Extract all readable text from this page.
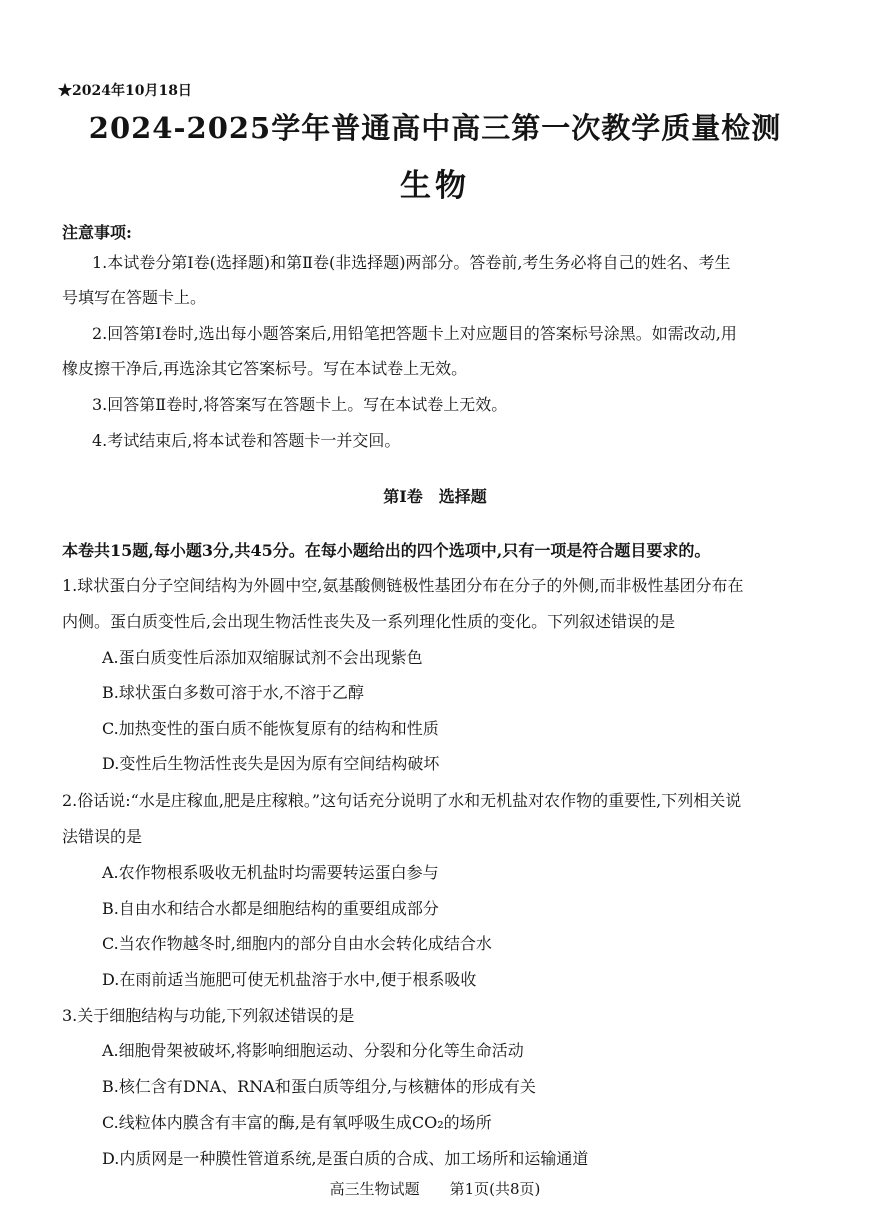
★2024年10月18日
2024-2025学年普通高中高三第一次教学质量检测
生物
注意事项:
1.本试卷分第Ⅰ卷(选择题)和第Ⅱ卷(非选择题)两部分。答卷前,考生务必将自己的姓名、考生
号填写在答题卡上。
2.回答第Ⅰ卷时,选出每小题答案后,用铅笔把答题卡上对应题目的答案标号涂黑。如需改动,用
橡皮擦干净后,再选涂其它答案标号。写在本试卷上无效。
3.回答第Ⅱ卷时,将答案写在答题卡上。写在本试卷上无效。
4.考试结束后,将本试卷和答题卡一并交回。
第Ⅰ卷　选择题
本卷共15题,每小题3分,共45分。在每小题给出的四个选项中,只有一项是符合题目要求的。
1.球状蛋白分子空间结构为外圆中空,氨基酸侧链极性基团分布在分子的外侧,而非极性基团分布在
内侧。蛋白质变性后,会出现生物活性丧失及一系列理化性质的变化。下列叙述错误的是
A.蛋白质变性后添加双缩脲试剂不会出现紫色
B.球状蛋白多数可溶于水,不溶于乙醇
C.加热变性的蛋白质不能恢复原有的结构和性质
D.变性后生物活性丧失是因为原有空间结构破坏
2.俗话说:“水是庄稼血,肥是庄稼粮。”这句话充分说明了水和无机盐对农作物的重要性,下列相关说
法错误的是
A.农作物根系吸收无机盐时均需要转运蛋白参与
B.自由水和结合水都是细胞结构的重要组成部分
C.当农作物越冬时,细胞内的部分自由水会转化成结合水
D.在雨前适当施肥可使无机盐溶于水中,便于根系吸收
3.关于细胞结构与功能,下列叙述错误的是
A.细胞骨架被破坏,将影响细胞运动、分裂和分化等生命活动
B.核仁含有DNA、RNA和蛋白质等组分,与核糖体的形成有关
C.线粒体内膜含有丰富的酶,是有氧呼吸生成CO₂的场所
D.内质网是一种膜性管道系统,是蛋白质的合成、加工场所和运输通道
高三生物试题　　第1页(共8页)
